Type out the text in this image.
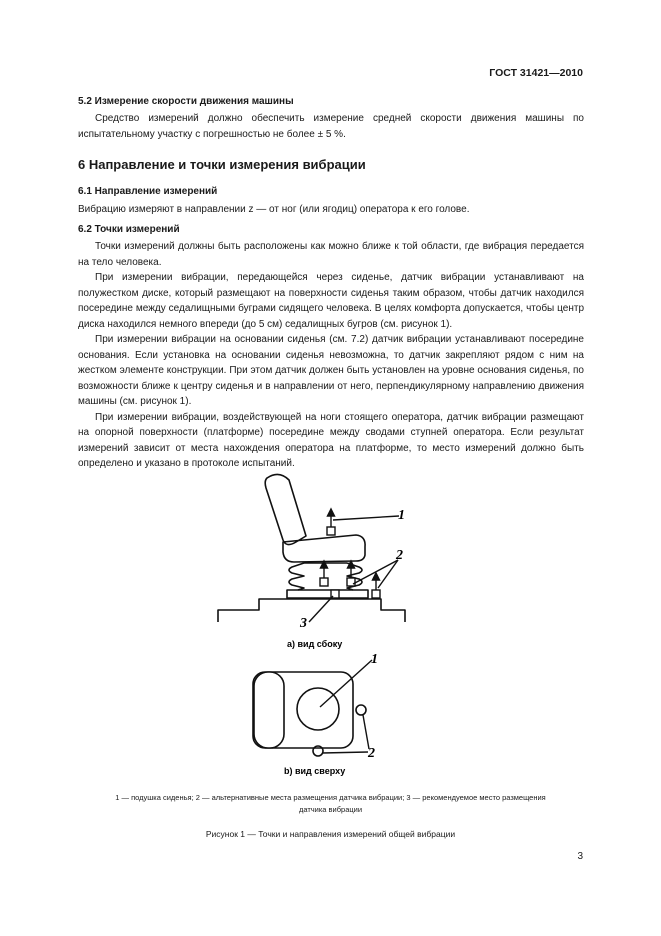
ГОСТ 31421—2010
5.2 Измерение скорости движения машины

Средство измерений должно обеспечить измерение средней скорости движения машины по испытательному участку с погрешностью не более ± 5 %.

6 Направление и точки измерения вибрации
6.1 Направление измерений

Вибрацию измеряют в направлении z — от ног (или ягодиц) оператора к его голове.

6.2 Точки измерений

Точки измерений должны быть расположены как можно ближе к той области, где вибрация передается на тело человека.

При измерении вибрации, передающейся через сиденье, датчик вибрации устанавливают на полужестком диске, который размещают на поверхности сиденья таким образом, чтобы датчик находился посередине между седалищными буграми сидящего человека. В целях комфорта допускается, чтобы центр диска находился немного впереди (до 5 см) седалищных бугров (см. рисунок 1).

При измерении вибрации на основании сиденья (см. 7.2) датчик вибрации устанавливают посередине основания. Если установка на основании сиденья невозможна, то датчик закрепляют рядом с ним на жестком элементе конструкции. При этом датчик должен быть установлен на уровне основания сиденья, по возможности ближе к центру сиденья и в направлении от него, перпендикулярному направлению движения машины (см. рисунок 1).

При измерении вибрации, воздействующей на ноги стоящего оператора, датчик вибрации размещают на опорной поверхности (платформе) посередине между сводами ступней оператора. Если результат измерений зависит от места нахождения оператора на платформе, то место измерений должно быть определено и указано в протоколе испытаний.

1
2
3
а) вид сбоку
1
2
b) вид сверху
1 — подушка сиденья; 2 — альтернативные места размещения датчика вибрации; 3 — рекомендуемое место размещения
датчика вибрации
Рисунок 1 — Точки и направления измерений общей вибрации
3
